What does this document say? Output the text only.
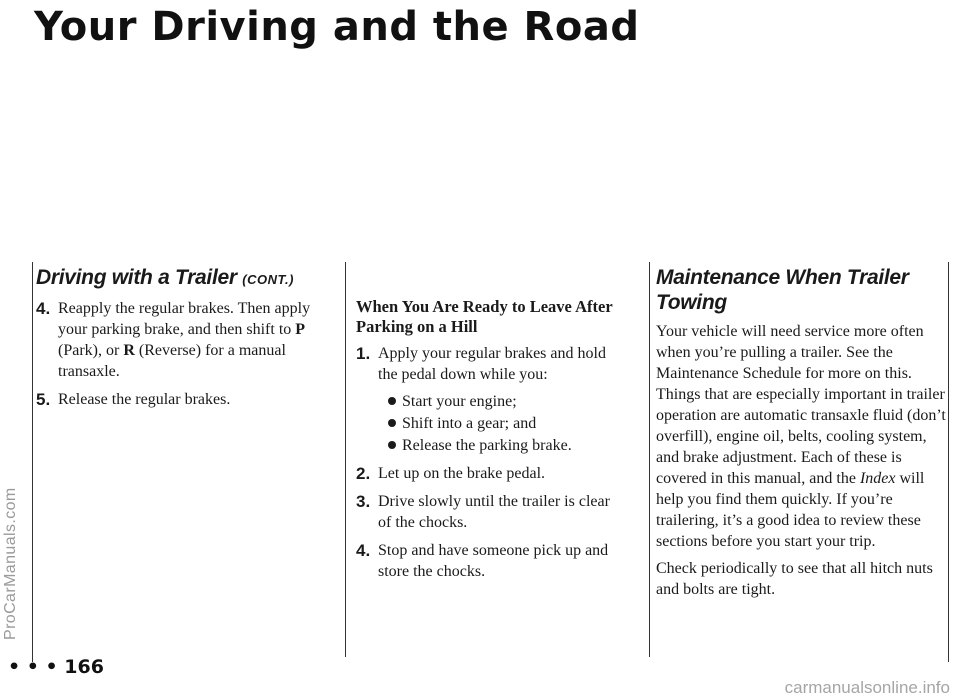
Your Driving and the Road
ProCarManuals.com
Driving with a Trailer (CONT.)
4. Reapply the regular brakes. Then apply your parking brake, and then shift to P (Park), or R (Reverse) for a manual transaxle.
5. Release the regular brakes.
When You Are Ready to Leave After Parking on a Hill
1. Apply your regular brakes and hold the pedal down while you:
Start your engine;
Shift into a gear; and
Release the parking brake.
2. Let up on the brake pedal.
3. Drive slowly until the trailer is clear of the chocks.
4. Stop and have someone pick up and store the chocks.
Maintenance When Trailer Towing

Your vehicle will need service more often when you’re pulling a trailer. See the Maintenance Schedule for more on this. Things that are especially important in trailer operation are automatic transaxle fluid (don’t overfill), engine oil, belts, cooling system, and brake adjustment. Each of these is covered in this manual, and the Index will help you find them quickly. If you’re trailering, it’s a good idea to review these sections before you start your trip.

Check periodically to see that all hitch nuts and bolts are tight.

• • • 166
carmanualsonline.info
